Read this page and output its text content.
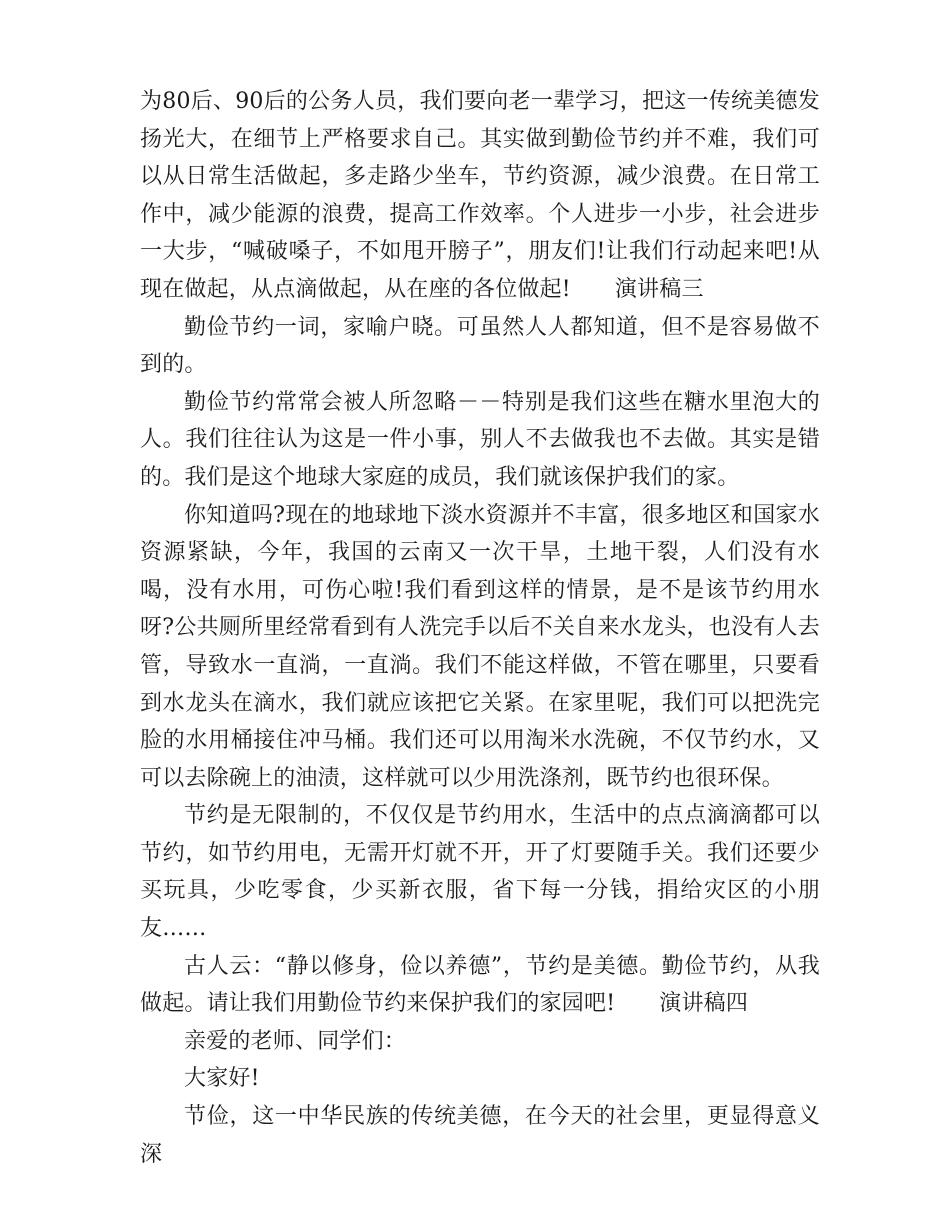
为80后、90后的公务人员，我们要向老一辈学习，把这一传统美德发扬光大，在细节上严格要求自己。其实做到勤俭节约并不难，我们可以从日常生活做起，多走路少坐车，节约资源，减少浪费。在日常工作中，减少能源的浪费，提高工作效率。个人进步一小步，社会进步一大步，“喊破嗓子，不如甩开膀子”，朋友们!让我们行动起来吧!从现在做起，从点滴做起，从在座的各位做起! 演讲稿三

勤俭节约一词，家喻户晓。可虽然人人都知道，但不是容易做不到的。

勤俭节约常常会被人所忽略－－特别是我们这些在糖水里泡大的人。我们往往认为这是一件小事，别人不去做我也不去做。其实是错的。我们是这个地球大家庭的成员，我们就该保护我们的家。

你知道吗?现在的地球地下淡水资源并不丰富，很多地区和国家水资源紧缺，今年，我国的云南又一次干旱，土地干裂，人们没有水喝，没有水用，可伤心啦!我们看到这样的情景，是不是该节约用水呀?公共厕所里经常看到有人洗完手以后不关自来水龙头，也没有人去管，导致水一直淌，一直淌。我们不能这样做，不管在哪里，只要看到水龙头在滴水，我们就应该把它关紧。在家里呢，我们可以把洗完脸的水用桶接住冲马桶。我们还可以用淘米水洗碗，不仅节约水，又可以去除碗上的油渍，这样就可以少用洗涤剂，既节约也很环保。

节约是无限制的，不仅仅是节约用水，生活中的点点滴滴都可以节约，如节约用电，无需开灯就不开，开了灯要随手关。我们还要少买玩具，少吃零食，少买新衣服，省下每一分钱，捐给灾区的小朋友……

古人云：“静以修身，俭以养德”，节约是美德。勤俭节约，从我做起。请让我们用勤俭节约来保护我们的家园吧! 演讲稿四

亲爱的老师、同学们：

大家好!

节俭，这一中华民族的传统美德，在今天的社会里，更显得意义深
